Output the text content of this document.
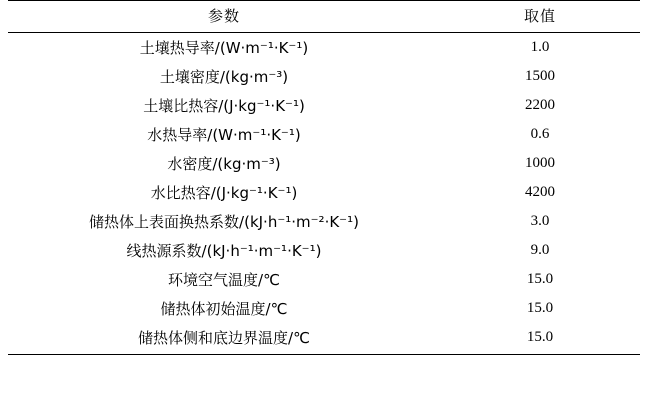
参数	取值
土壤热导率/(W·m⁻¹·K⁻¹)	1.0
土壤密度/(kg·m⁻³)	1500
土壤比热容/(J·kg⁻¹·K⁻¹)	2200
水热导率/(W·m⁻¹·K⁻¹)	0.6
水密度/(kg·m⁻³)	1000
水比热容/(J·kg⁻¹·K⁻¹)	4200
储热体上表面换热系数/(kJ·h⁻¹·m⁻²·K⁻¹)	3.0
线热源系数/(kJ·h⁻¹·m⁻¹·K⁻¹)	9.0
环境空气温度/℃	15.0
储热体初始温度/℃	15.0
储热体侧和底边界温度/℃	15.0
